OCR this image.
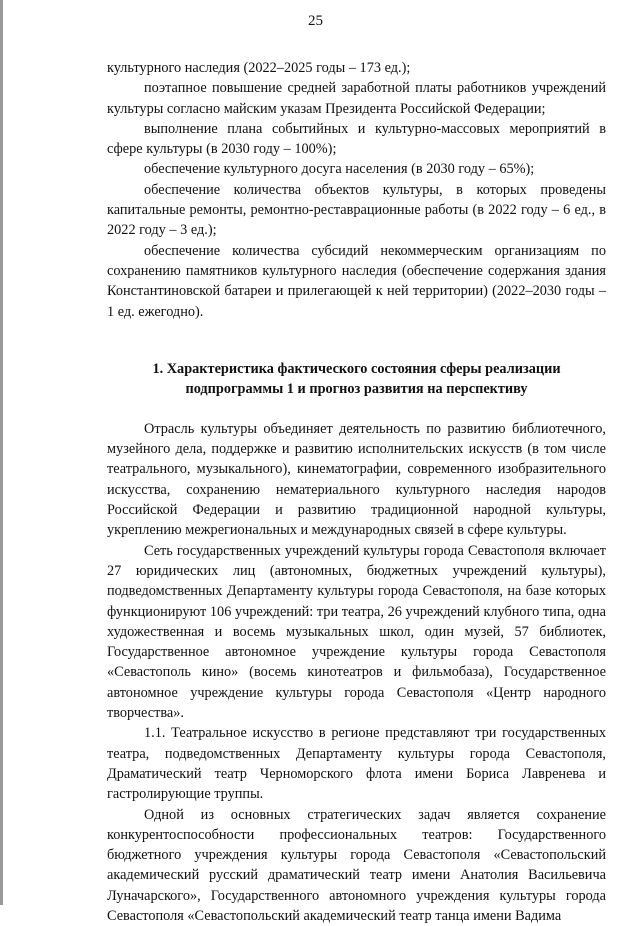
25

культурного наследия (2022–2025 годы – 173 ед.);

поэтапное повышение средней заработной платы работников учреждений культуры согласно майским указам Президента Российской Федерации;

выполнение плана событийных и культурно-массовых мероприятий в сфере культуры (в 2030 году – 100%);

обеспечение культурного досуга населения (в 2030 году – 65%);

обеспечение количества объектов культуры, в которых проведены капитальные ремонты, ремонтно-реставрационные работы (в 2022 году – 6 ед., в 2022 году – 3 ед.);

обеспечение количества субсидий некоммерческим организациям по сохранению памятников культурного наследия (обеспечение содержания здания Константиновской батареи и прилегающей к ней территории) (2022–2030 годы – 1 ед. ежегодно).

1. Характеристика фактического состояния сферы реализации
подпрограммы 1 и прогноз развития на перспективу

Отрасль культуры объединяет деятельность по развитию библиотечного, музейного дела, поддержке и развитию исполнительских искусств (в том числе театрального, музыкального), кинематографии, современного изобразительного искусства, сохранению нематериального культурного наследия народов Российской Федерации и развитию традиционной народной культуры, укреплению межрегиональных и международных связей в сфере культуры.

Сеть государственных учреждений культуры города Севастополя включает 27 юридических лиц (автономных, бюджетных учреждений культуры), подведомственных Департаменту культуры города Севастополя, на базе которых функционируют 106 учреждений: три театра, 26 учреждений клубного типа, одна художественная и восемь музыкальных школ, один музей, 57 библиотек, Государственное автономное учреждение культуры города Севастополя «Севастополь кино» (восемь кинотеатров и фильмобаза), Государственное автономное учреждение культуры города Севастополя «Центр народного творчества».

1.1. Театральное искусство в регионе представляют три государственных театра, подведомственных Департаменту культуры города Севастополя, Драматический театр Черноморского флота имени Бориса Лавренева и гастролирующие труппы.

Одной из основных стратегических задач является сохранение конкурентоспособности профессиональных театров: Государственного бюджетного учреждения культуры города Севастополя «Севастопольский академический русский драматический театр имени Анатолия Васильевича Луначарского», Государственного автономного учреждения культуры города Севастополя «Севастопольский академический театр танца имени Вадима
